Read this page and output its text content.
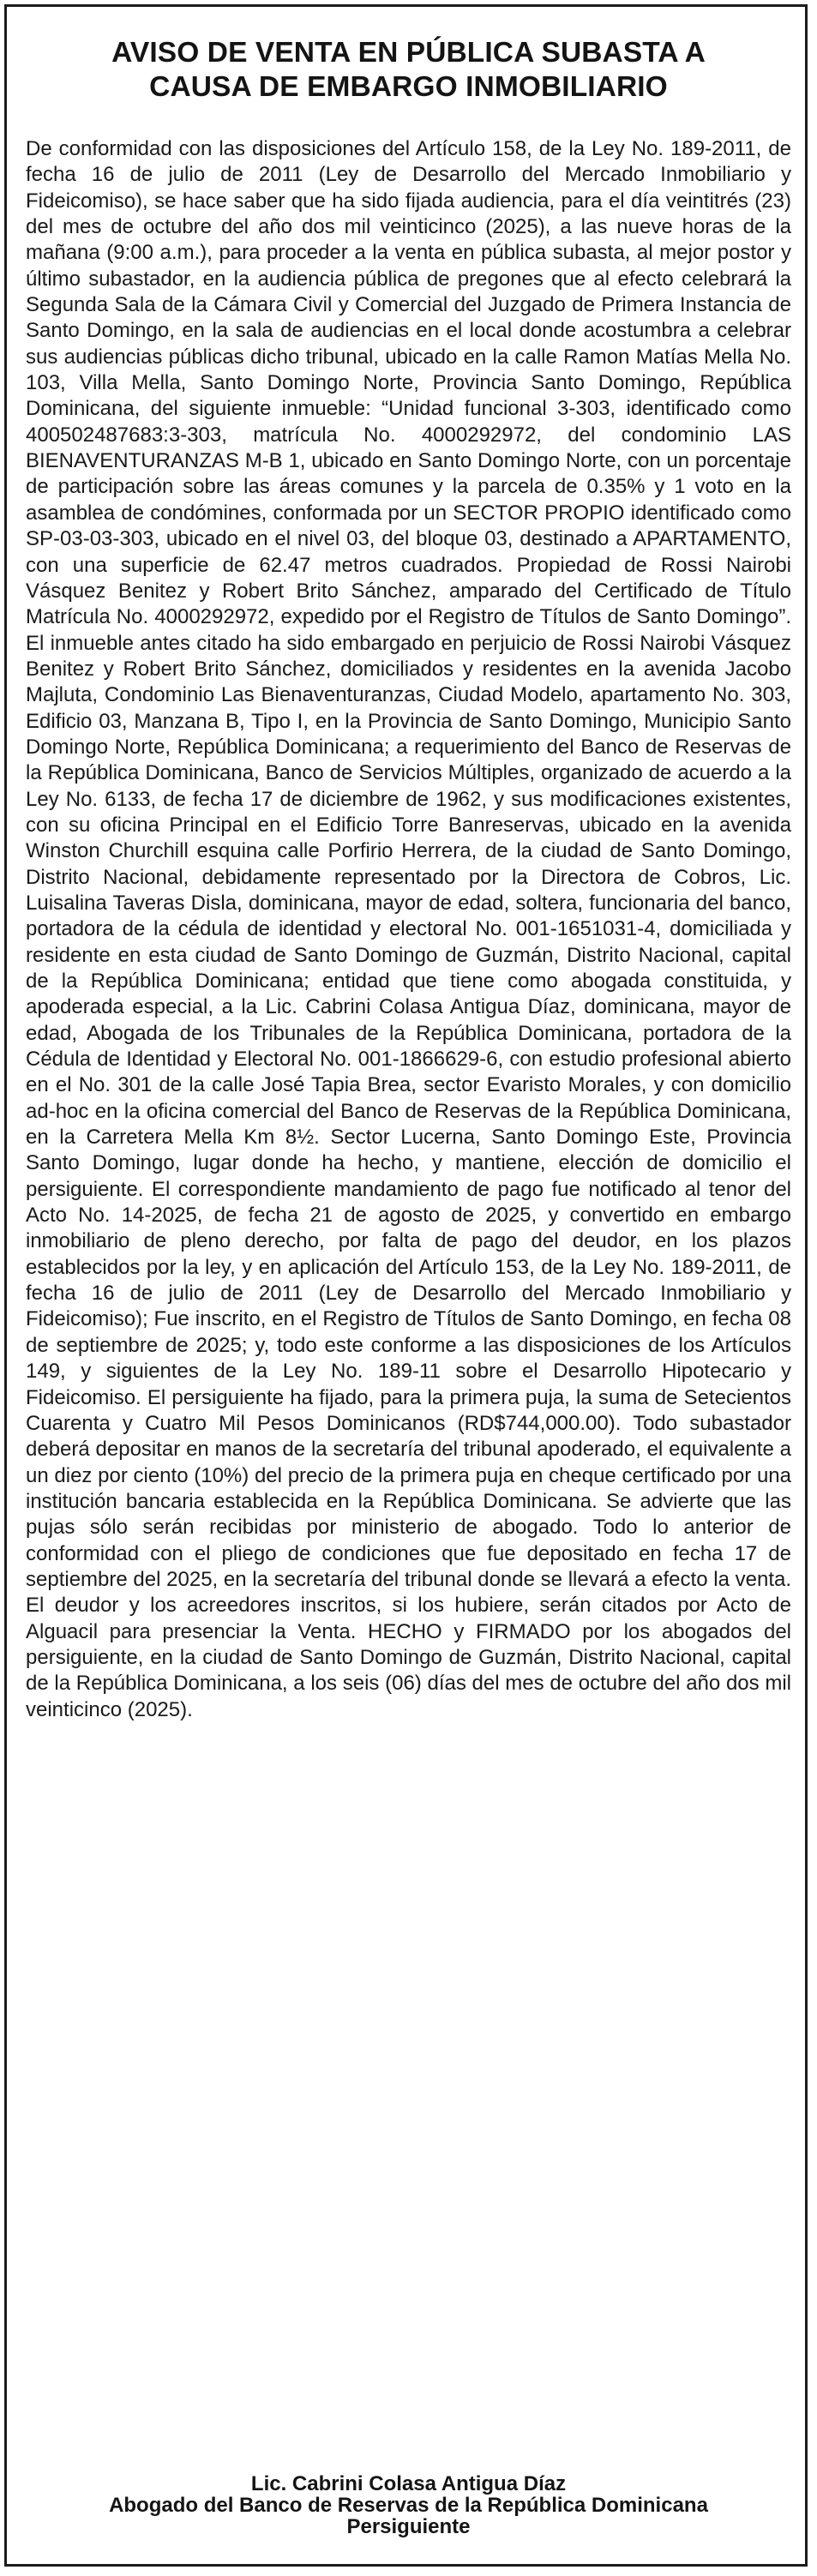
AVISO DE VENTA EN PÚBLICA SUBASTA A
CAUSA DE EMBARGO INMOBILIARIO

De conformidad con las disposiciones del Artículo 158, de la Ley No. 189-2011, de fecha 16 de julio de 2011 (Ley de Desarrollo del Mercado Inmobiliario y Fideicomiso), se hace saber que ha sido fijada audiencia, para el día veintitrés (23) del mes de octubre del año dos mil veinticinco (2025), a las nueve horas de la mañana (9:00 a.m.), para proceder a la venta en pública subasta, al mejor postor y último subastador, en la audiencia pública de pregones que al efecto celebrará la Segunda Sala de la Cámara Civil y Comercial del Juzgado de Primera Instancia de Santo Domingo, en la sala de audiencias en el local donde acostumbra a celebrar sus audiencias públicas dicho tribunal, ubicado en la calle Ramon Matías Mella No. 103, Villa Mella, Santo Domingo Norte, Provincia Santo Domingo, República Dominicana, del siguiente inmueble: “Unidad funcional 3-303, identificado como 400502487683:3-303, matrícula No. 4000292972, del condominio LAS BIENAVENTURANZAS M-B 1, ubicado en Santo Domingo Norte, con un porcentaje de participación sobre las áreas comunes y la parcela de 0.35% y 1 voto en la asamblea de condómines, conformada por un SECTOR PROPIO identificado como SP-03-03-303, ubicado en el nivel 03, del bloque 03, destinado a APARTAMENTO, con una superficie de 62.47 metros cuadrados. Propiedad de Rossi Nairobi Vásquez Benitez y Robert Brito Sánchez, amparado del Certificado de Título Matrícula No. 4000292972, expedido por el Registro de Títulos de Santo Domingo”. El inmueble antes citado ha sido embargado en perjuicio de Rossi Nairobi Vásquez Benitez y Robert Brito Sánchez, domiciliados y residentes en la avenida Jacobo Majluta, Condominio Las Bienaventuranzas, Ciudad Modelo, apartamento No. 303, Edificio 03, Manzana B, Tipo I, en la Provincia de Santo Domingo, Municipio Santo Domingo Norte, República Dominicana; a requerimiento del Banco de Reservas de la República Dominicana, Banco de Servicios Múltiples, organizado de acuerdo a la Ley No. 6133, de fecha 17 de diciembre de 1962, y sus modificaciones existentes, con su oficina Principal en el Edificio Torre Banreservas, ubicado en la avenida Winston Churchill esquina calle Porfirio Herrera, de la ciudad de Santo Domingo, Distrito Nacional, debidamente representado por la Directora de Cobros, Lic. Luisalina Taveras Disla, dominicana, mayor de edad, soltera, funcionaria del banco, portadora de la cédula de identidad y electoral No. 001-1651031-4, domiciliada y residente en esta ciudad de Santo Domingo de Guzmán, Distrito Nacional, capital de la República Dominicana; entidad que tiene como abogada constituida, y apoderada especial, a la Lic. Cabrini Colasa Antigua Díaz, dominicana, mayor de edad, Abogada de los Tribunales de la República Dominicana, portadora de la Cédula de Identidad y Electoral No. 001-1866629-6, con estudio profesional abierto en el No. 301 de la calle José Tapia Brea, sector Evaristo Morales, y con domicilio ad-hoc en la oficina comercial del Banco de Reservas de la República Dominicana, en la Carretera Mella Km 8½. Sector Lucerna, Santo Domingo Este, Provincia Santo Domingo, lugar donde ha hecho, y mantiene, elección de domicilio el persiguiente. El correspondiente mandamiento de pago fue notificado al tenor del Acto No. 14-2025, de fecha 21 de agosto de 2025, y convertido en embargo inmobiliario de pleno derecho, por falta de pago del deudor, en los plazos establecidos por la ley, y en aplicación del Artículo 153, de la Ley No. 189-2011, de fecha 16 de julio de 2011 (Ley de Desarrollo del Mercado Inmobiliario y Fideicomiso); Fue inscrito, en el Registro de Títulos de Santo Domingo, en fecha 08 de septiembre de 2025; y, todo este conforme a las disposiciones de los Artículos 149, y siguientes de la Ley No. 189-11 sobre el Desarrollo Hipotecario y Fideicomiso. El persiguiente ha fijado, para la primera puja, la suma de Setecientos Cuarenta y Cuatro Mil Pesos Dominicanos (RD$744,000.00). Todo subastador deberá depositar en manos de la secretaría del tribunal apoderado, el equivalente a un diez por ciento (10%) del precio de la primera puja en cheque certificado por una institución bancaria establecida en la República Dominicana. Se advierte que las pujas sólo serán recibidas por ministerio de abogado. Todo lo anterior de conformidad con el pliego de condiciones que fue depositado en fecha 17 de septiembre del 2025, en la secretaría del tribunal donde se llevará a efecto la venta. El deudor y los acreedores inscritos, si los hubiere, serán citados por Acto de Alguacil para presenciar la Venta. HECHO y FIRMADO por los abogados del persiguiente, en la ciudad de Santo Domingo de Guzmán, Distrito Nacional, capital de la República Dominicana, a los seis (06) días del mes de octubre del año dos mil veinticinco (2025).

Lic. Cabrini Colasa Antigua Díaz
Abogado del Banco de Reservas de la República Dominicana
Persiguiente
